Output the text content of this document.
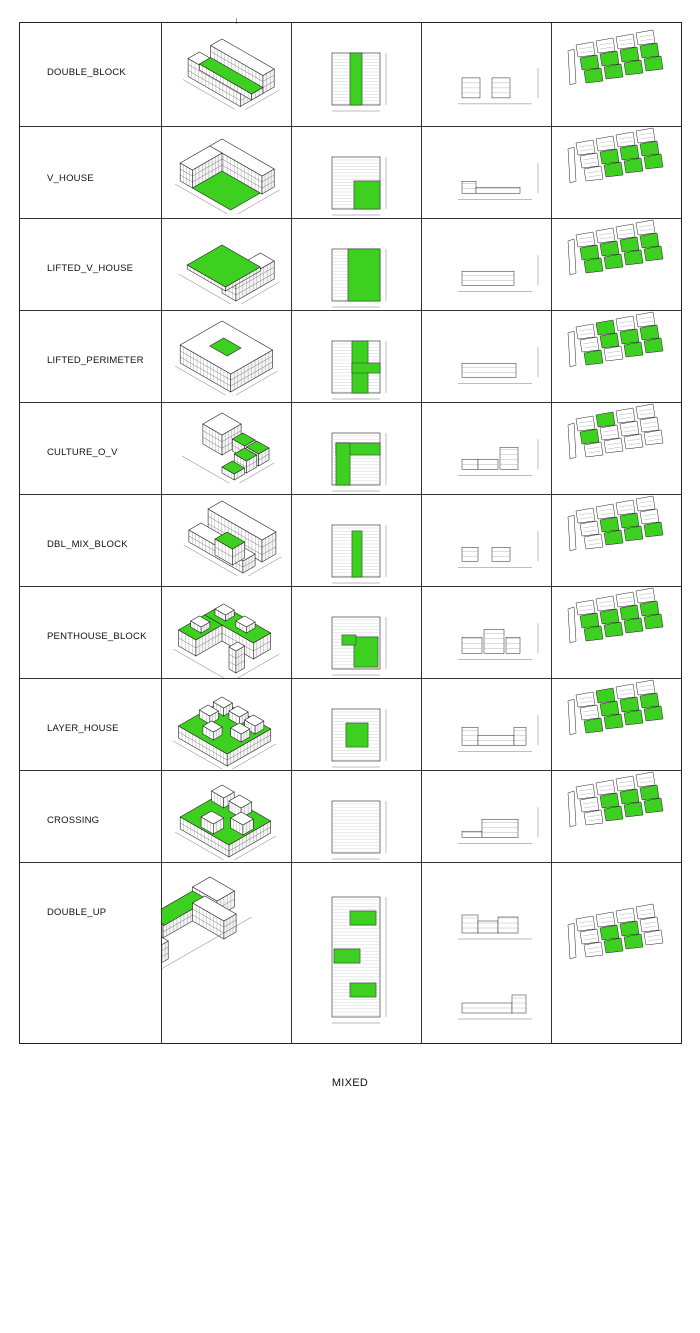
DOUBLE_BLOCK
V_HOUSE
LIFTED_V_HOUSE
LIFTED_PERIMETER
CULTURE_O_V
DBL_MIX_BLOCK
PENTHOUSE_BLOCK
LAYER_HOUSE
CROSSING
DOUBLE_UP
MIXED
